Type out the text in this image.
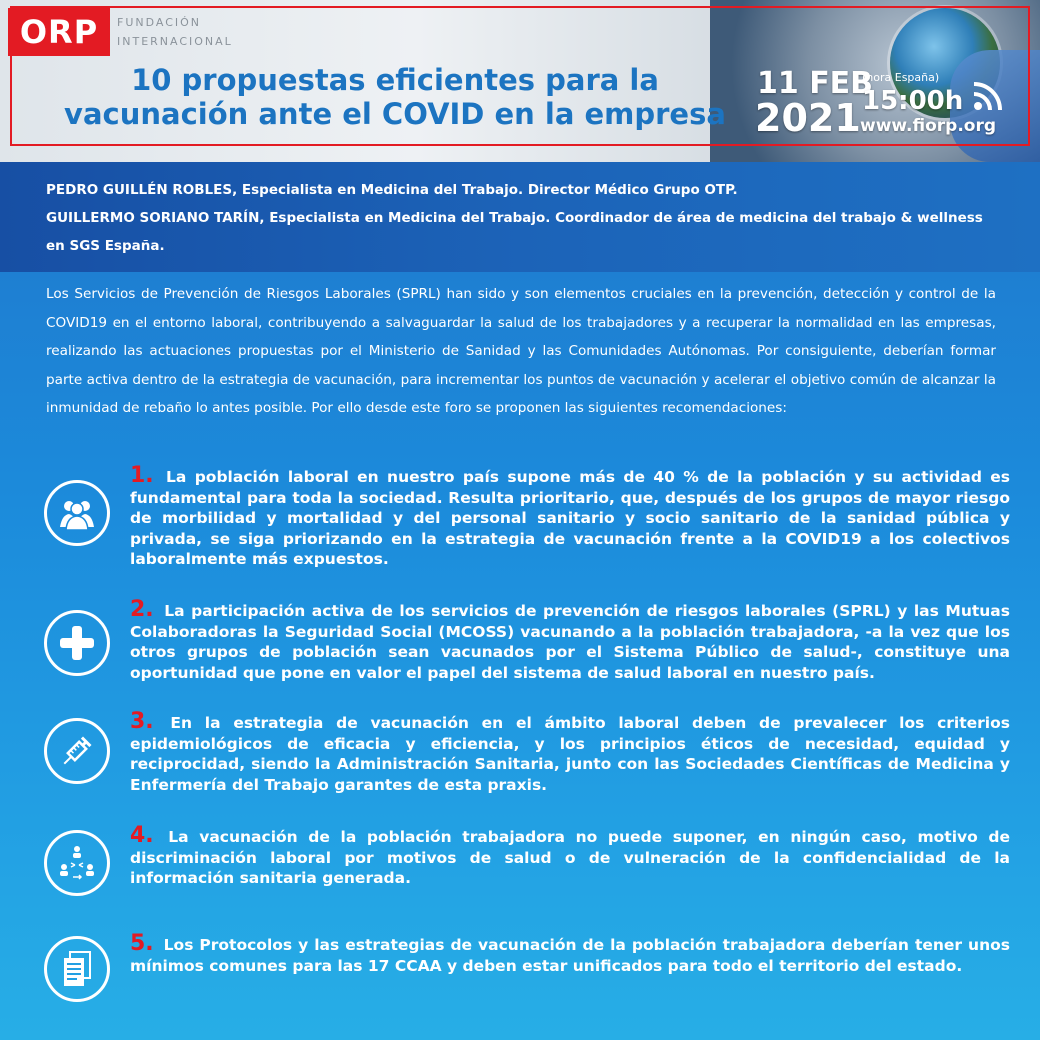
ORP	FUNDACIÓN
INTERNACIONAL
10 propuestas eficientes para la
vacunación ante el COVID en la empresa
11 FEB
2021
(hora España)
15:00h
www.fiorp.org
PEDRO GUILLÉN ROBLES, Especialista en Medicina del Trabajo. Director Médico Grupo OTP.
GUILLERMO SORIANO TARÍN, Especialista en Medicina del Trabajo. Coordinador de área de medicina del trabajo & wellness en SGS España.
Los Servicios de Prevención de Riesgos Laborales (SPRL) han sido y son elementos cruciales en la prevención, detección y control de la COVID19 en el entorno laboral, contribuyendo a salvaguardar la salud de los trabajadores y a recuperar la normalidad en las empresas, realizando las actuaciones propuestas por el Ministerio de Sanidad y las Comunidades Autónomas. Por consiguiente, deberían formar parte activa dentro de la estrategia de vacunación, para incrementar los puntos de vacunación y acelerar el objetivo común de alcanzar la inmunidad de rebaño lo antes posible. Por ello desde este foro se proponen las siguientes recomendaciones:
1. La población laboral en nuestro país supone más de 40 % de la población y su actividad es fundamental para toda la sociedad. Resulta prioritario, que, después de los grupos de mayor riesgo de morbilidad y mortalidad y del personal sanitario y socio sanitario de la sanidad pública y privada, se siga priorizando en la estrategia de vacunación frente a la COVID19 a los colectivos laboralmente más expuestos.
2. La participación activa de los servicios de prevención de riesgos laborales (SPRL) y las Mutuas Colaboradoras la Seguridad Social (MCOSS) vacunando a la población trabajadora, -a la vez que los otros grupos de población sean vacunados por el Sistema Público de salud-, constituye una oportunidad que pone en valor el papel del sistema de salud laboral en nuestro país.
3. En la estrategia de vacunación en el ámbito laboral deben de prevalecer los criterios epidemiológicos de eficacia y eficiencia, y los principios éticos de necesidad, equidad y reciprocidad, siendo la Administración Sanitaria, junto con las Sociedades Científicas de Medicina y Enfermería del Trabajo garantes de esta praxis.
4. La vacunación de la población trabajadora no puede suponer, en ningún caso, motivo de discriminación laboral por motivos de salud o de vulneración de la confidencialidad de la información sanitaria generada.
5. Los Protocolos y las estrategias de vacunación de la población trabajadora deberían tener unos mínimos comunes para las 17 CCAA y deben estar unificados para todo el territorio del estado.
